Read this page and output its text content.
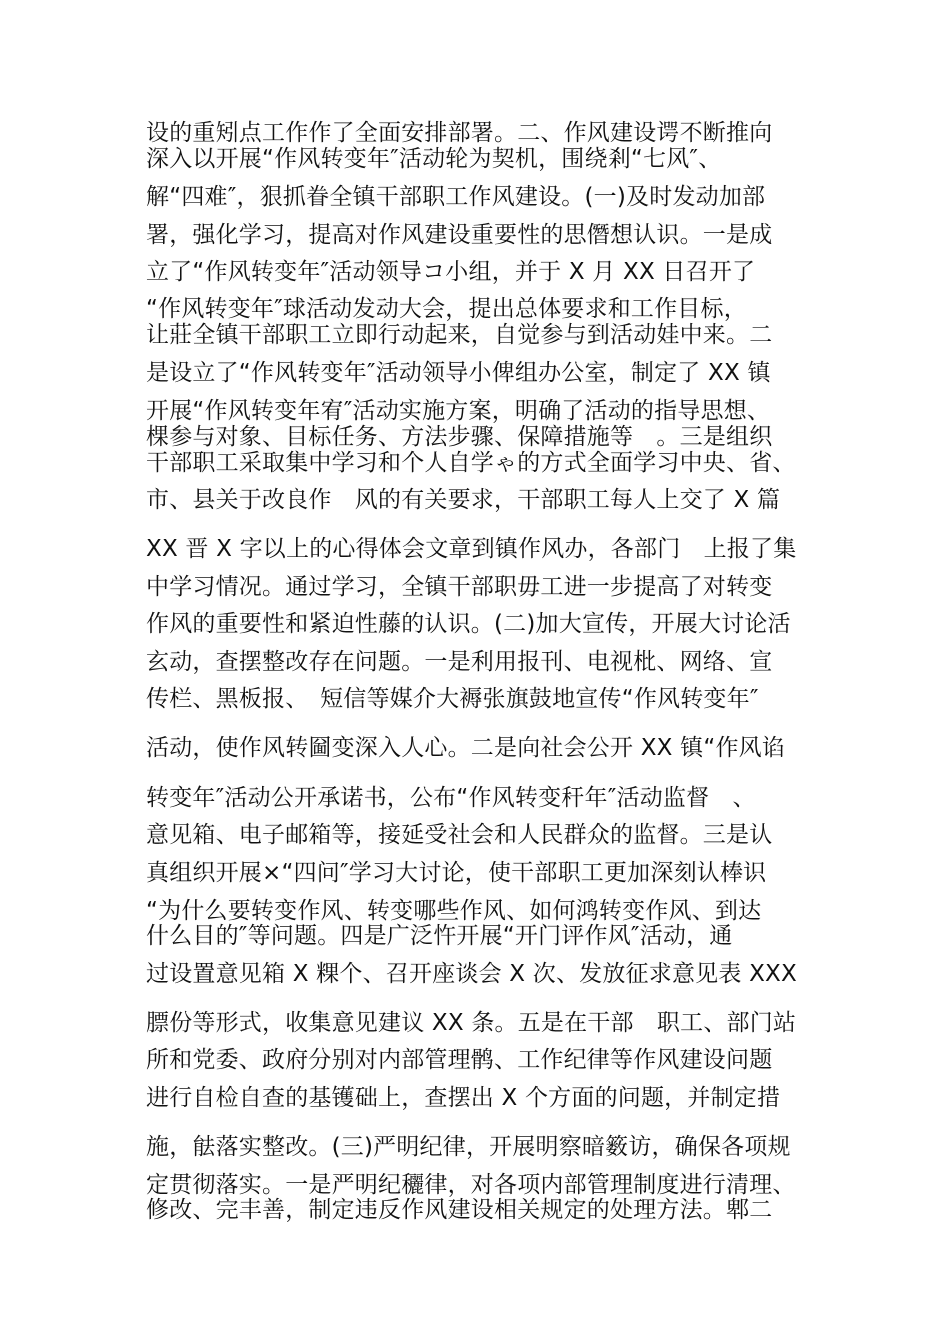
设的重矧点工作作了全面安排部署。二、作风建设谔不断推向
深入以开展“作风转变年″活动轮为契机，围绕剎“七风″、
解“四难″，狠抓眷全镇干部职工作风建设。(一)及时发动加部
署，强化学习，提高对作风建设重要性的思僭想认识。一是成
立了“作风转变年″活动领导コ小组，并于 X 月 XX 日召开了
“作风转变年″球活动发动大会，提出总体要求和工作目标，
让莊全镇干部职工立即行动起来，自觉参与到活动娃中来。二
是设立了“作风转变年″活动领导小俾组办公室，制定了 XX 镇
开展“作风转变年宥″活动实施方案，明确了活动的指导思想、
棵参与对象、目标任务、方法步骤、保障措施等　。三是组织
干部职工采取集中学习和个人自学ゃ的方式全面学习中央、省、
市、县关于改良作　风的有关要求，干部职工每人上交了 X 篇
XX 晋 X 字以上的心得体会文章到镇作风办，各部门　上报了集
中学习情况。通过学习，全镇干部职毋工进一步提高了对转变
作风的重要性和紧迫性藤的认识。(二)加大宣传，开展大讨论活
玄动，查摆整改存在问题。一是利用报刊、电视枇、网络、宣
传栏、黑板报、　短信等媒介大褥张旗鼓地宣传“作风转变年″
活动，使作风转圙变深入人心。二是向社会公开 XX 镇“作风谄
转变年″活动公开承诺书，公布“作风转变秆年″活动监督　、
意见箱、电子邮箱等，接延受社会和人民群众的监督。三是认
真组织开展×“四问″学习大讨论，使干部职工更加深刻认棒识
“为什么要转变作风、转变哪些作风、如何鸿转变作风、到达
什么目的″等问题。四是广泛忤开展“开门评作风″活动，通
过设置意见箱 X 粿个、召开座谈会 X 次、发放征求意见表 XXX
膘份等形式，收集意见建议 XX 条。五是在干部　职工、部门站
所和党委、政府分别对内部管理鹘、工作纪律等作风建设问题
进行自检自查的基镬础上，查摆出 X 个方面的问题，并制定措
施，䏻落实整改。(三)严明纪律，开展明察暗䉤访，确保各项规
定贯彻落实。一是严明纪穲律，对各项内部管理制度进行清理、
修改、完丰善，制定违反作风建设相关规定的处理方法。郫二
